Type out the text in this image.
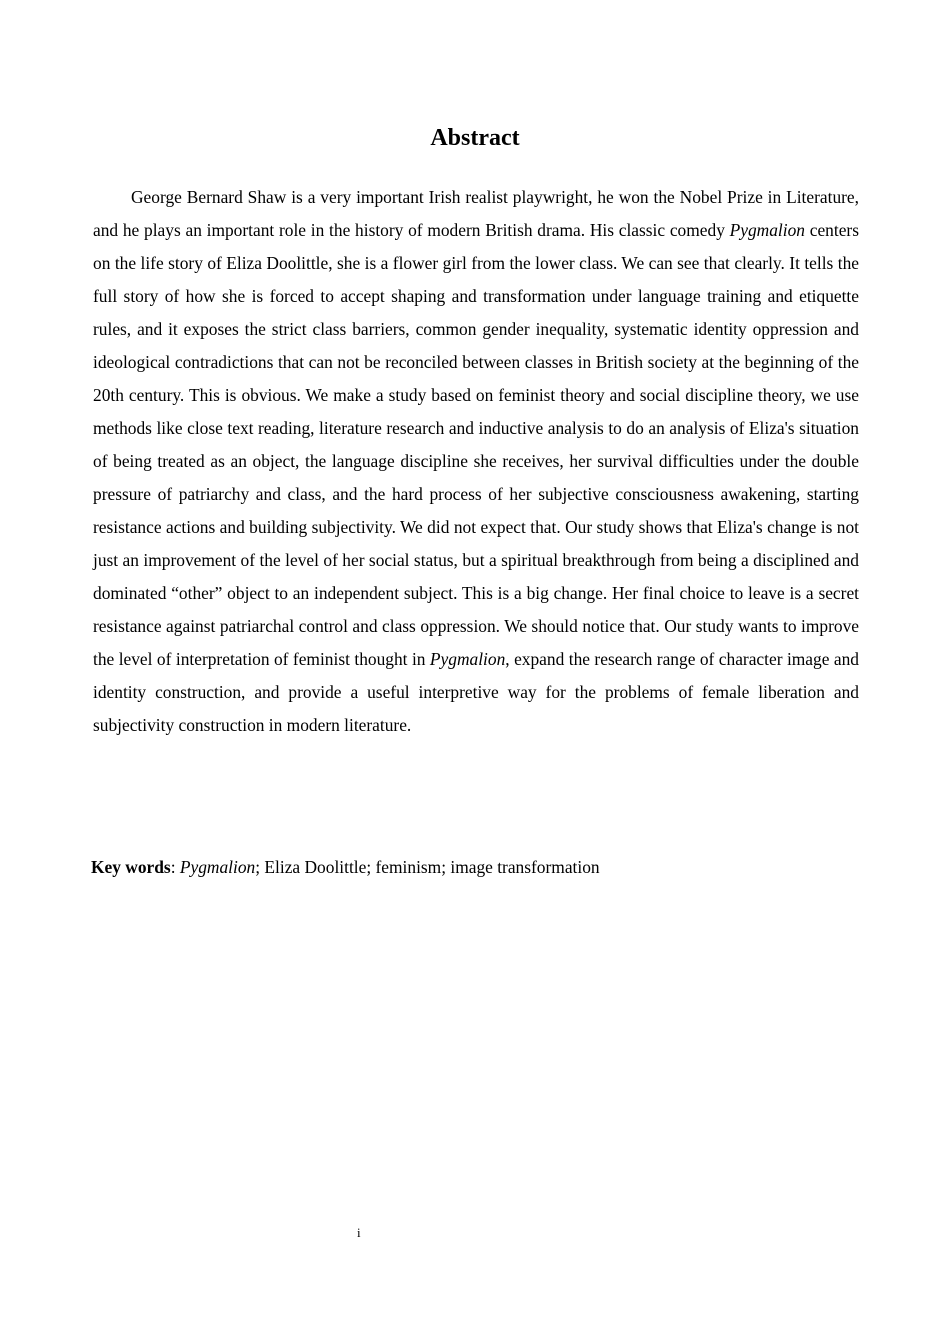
Abstract

George Bernard Shaw is a very important Irish realist playwright, he won the Nobel Prize in Literature, and he plays an important role in the history of modern British drama. His classic comedy Pygmalion centers on the life story of Eliza Doolittle, she is a flower girl from the lower class. We can see that clearly. It tells the full story of how she is forced to accept shaping and transformation under language training and etiquette rules, and it exposes the strict class barriers, common gender inequality, systematic identity oppression and ideological contradictions that can not be reconciled between classes in British society at the beginning of the 20th century. This is obvious. We make a study based on feminist theory and social discipline theory, we use methods like close text reading, literature research and inductive analysis to do an analysis of Eliza's situation of being treated as an object, the language discipline she receives, her survival difficulties under the double pressure of patriarchy and class, and the hard process of her subjective consciousness awakening, starting resistance actions and building subjectivity. We did not expect that. Our study shows that Eliza's change is not just an improvement of the level of her social status, but a spiritual breakthrough from being a disciplined and dominated “other” object to an independent subject. This is a big change. Her final choice to leave is a secret resistance against patriarchal control and class oppression. We should notice that. Our study wants to improve the level of interpretation of feminist thought in Pygmalion, expand the research range of character image and identity construction, and provide a useful interpretive way for the problems of female liberation and subjectivity construction in modern literature.

Key words: Pygmalion; Eliza Doolittle; feminism; image transformation

i
